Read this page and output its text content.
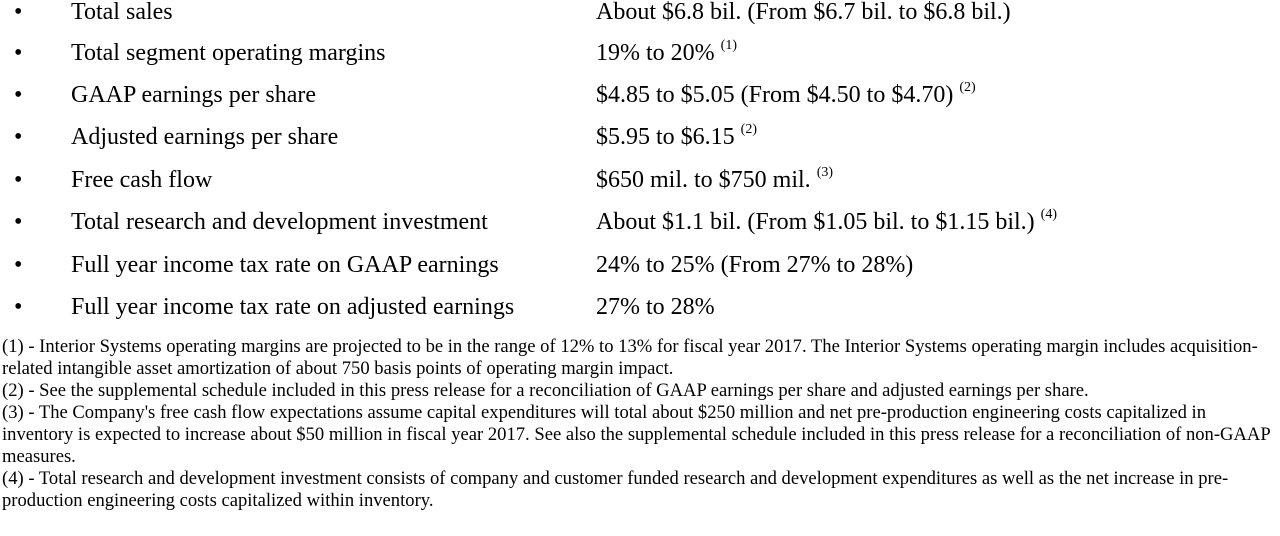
• Total sales	About $6.8 bil. (From $6.7 bil. to $6.8 bil.)
• Total segment operating margins	19% to 20% $^{(1)}$
• GAAP earnings per share	$4.85 to $5.05 (From $4.50 to $4.70) $^{(2)}$
• Adjusted earnings per share	$5.95 to $6.15 $^{(2)}$
• Free cash flow	$650 mil. to $750 mil. $^{(3)}$
• Total research and development investment	About $1.1 bil. (From $1.05 bil. to $1.15 bil.) $^{(4)}$
• Full year income tax rate on GAAP earnings	24% to 25% (From 27% to 28%)
• Full year income tax rate on adjusted earnings	27% to 28%

(1) - Interior Systems operating margins are projected to be in the range of 12% to 13% for fiscal year 2017. The Interior Systems operating margin includes acquisition-related intangible asset amortization of about 750 basis points of operating margin impact.

(2) - See the supplemental schedule included in this press release for a reconciliation of GAAP earnings per share and adjusted earnings per share.

(3) - The Company's free cash flow expectations assume capital expenditures will total about $250 million and net pre-production engineering costs capitalized in inventory is expected to increase about $50 million in fiscal year 2017. See also the supplemental schedule included in this press release for a reconciliation of non-GAAP measures.

(4) - Total research and development investment consists of company and customer funded research and development expenditures as well as the net increase in pre-production engineering costs capitalized within inventory.
